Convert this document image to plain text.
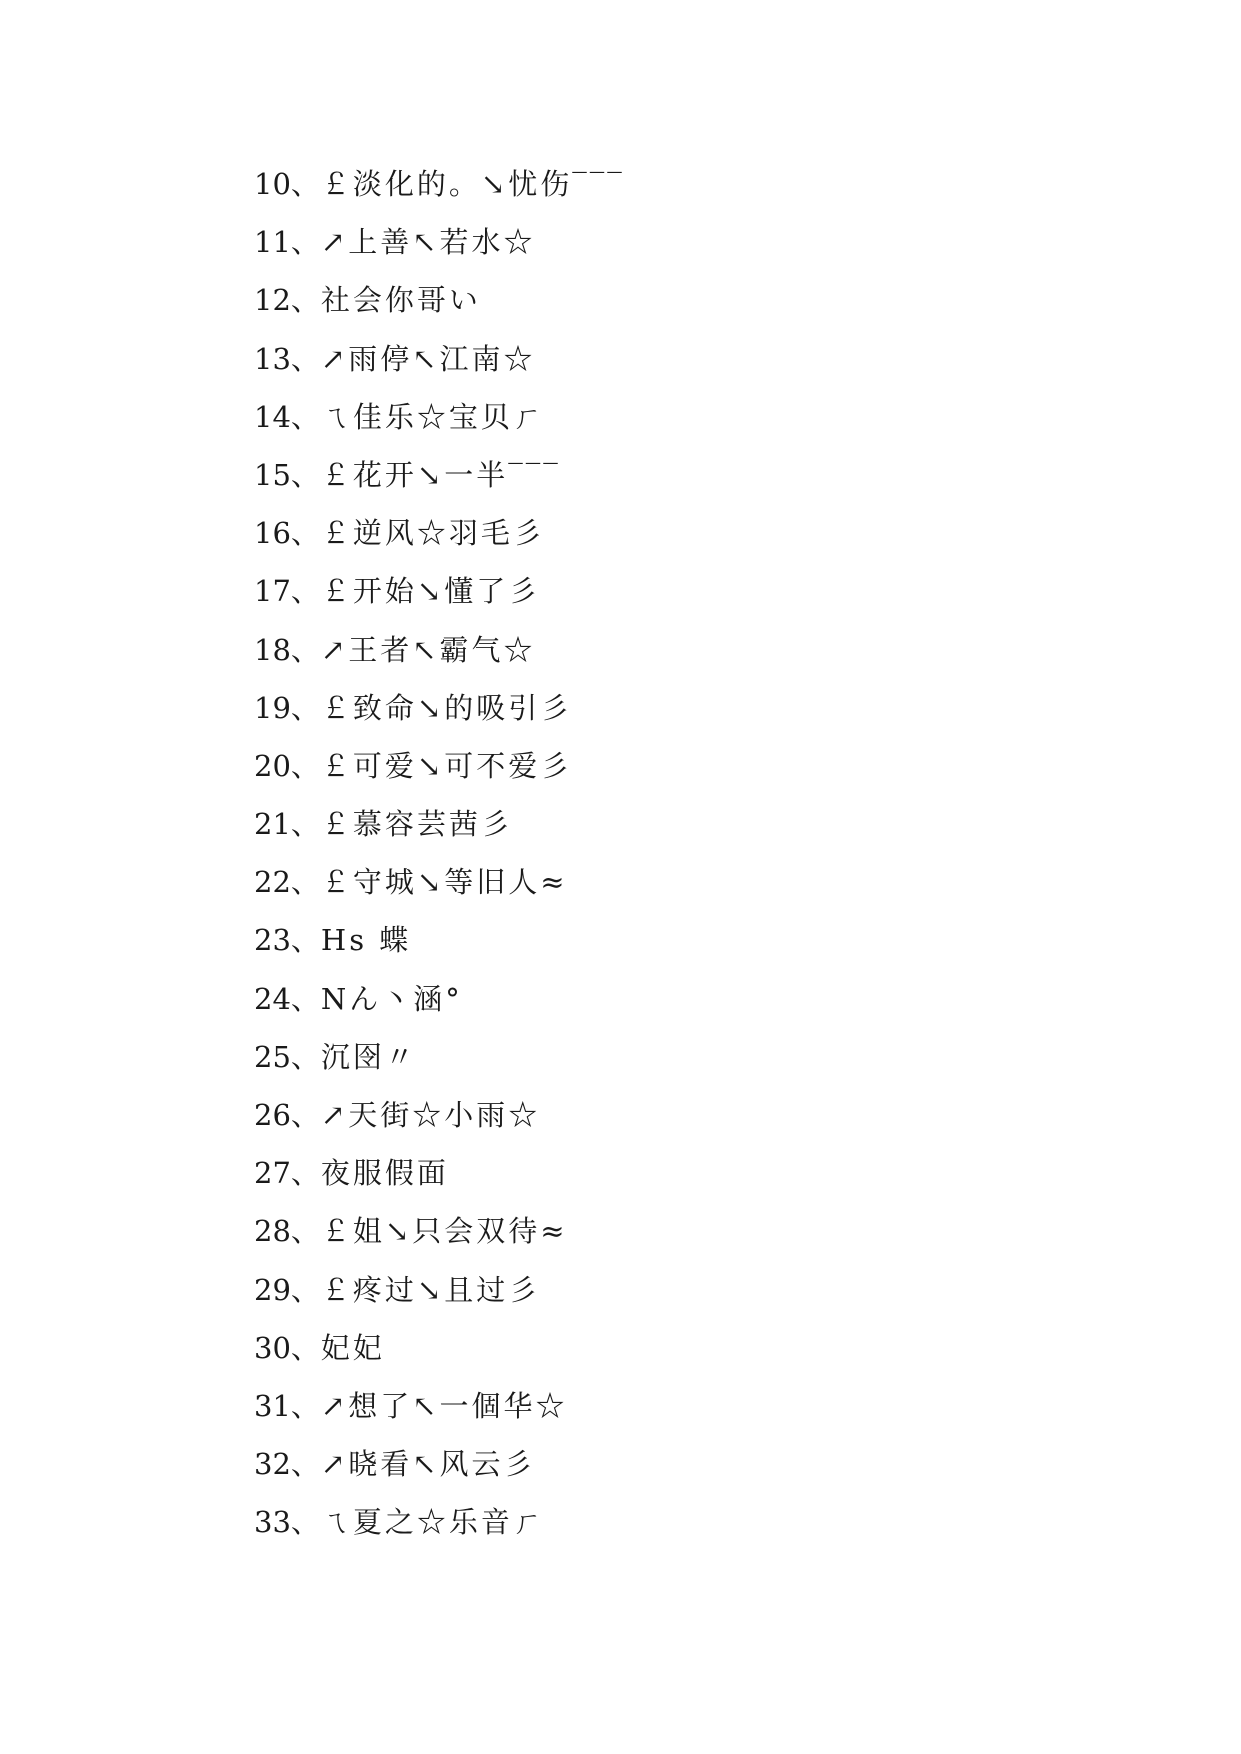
10、￡淡化的。↘忧伤‾‾‾
11、↗上善↖若水☆
12、社会你哥い
13、↗雨停↖江南☆
14、ㄟ佳乐☆宝贝ㄏ
15、￡花开↘一半‾‾‾
16、￡逆风☆羽毛彡
17、￡开始↘懂了彡
18、↗王者↖霸气☆
19、￡致命↘的吸引彡
20、￡可爱↘可不爱彡
21、￡慕容芸茜彡
22、￡守城↘等旧人≈
23、Hs 蝶
24、Nん丶涵°
25、沉囹〃
26、↗天街☆小雨☆
27、夜服假面
28、￡姐↘只会双待≈
29、￡疼过↘且过彡
30、妃妃
31、↗想了↖一個华☆
32、↗晓看↖风云彡
33、ㄟ夏之☆乐音ㄏ
